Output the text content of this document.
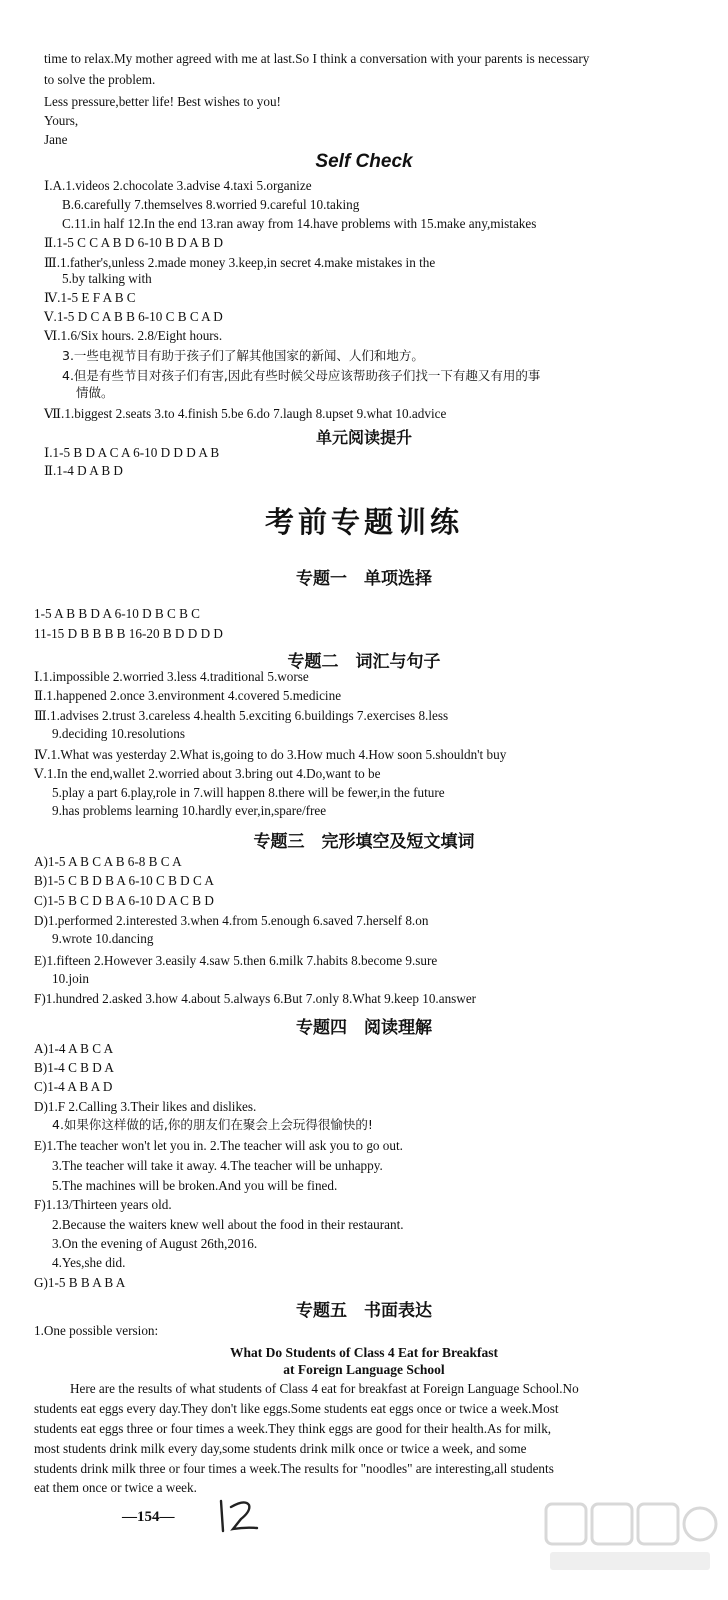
time to relax.My mother agreed with me at last.So I think a conversation with your parents is necessary
to solve the problem.
Less pressure,better life! Best wishes to you!
Yours,
Jane
Self Check
Ⅰ.A.1.videos 2.chocolate 3.advise 4.taxi 5.organize
B.6.carefully 7.themselves 8.worried 9.careful 10.taking
C.11.in half 12.In the end 13.ran away from 14.have problems with 15.make any,mistakes
Ⅱ.1-5 C C A B D 6-10 B D A B D
Ⅲ.1.father's,unless 2.made money 3.keep,in secret 4.make mistakes in the
5.by talking with
Ⅳ.1-5 E F A B C
Ⅴ.1-5 D C A B B 6-10 C B C A D
Ⅵ.1.6/Six hours. 2.8/Eight hours.
3.一些电视节目有助于孩子们了解其他国家的新闻、人们和地方。
4.但是有些节目对孩子们有害,因此有些时候父母应该帮助孩子们找一下有趣又有用的事
情做。
Ⅶ.1.biggest 2.seats 3.to 4.finish 5.be 6.do 7.laugh 8.upset 9.what 10.advice
单元阅读提升
Ⅰ.1-5 B D A C A 6-10 D D D A B
Ⅱ.1-4 D A B D
考前专题训练
专题一　单项选择
1-5 A B B D A 6-10 D B C B C
11-15 D B B B B 16-20 B D D D D
专题二　词汇与句子
Ⅰ.1.impossible 2.worried 3.less 4.traditional 5.worse
Ⅱ.1.happened 2.once 3.environment 4.covered 5.medicine
Ⅲ.1.advises 2.trust 3.careless 4.health 5.exciting 6.buildings 7.exercises 8.less
9.deciding 10.resolutions
Ⅳ.1.What was yesterday 2.What is,going to do 3.How much 4.How soon 5.shouldn't buy
Ⅴ.1.In the end,wallet 2.worried about 3.bring out 4.Do,want to be
5.play a part 6.play,role in 7.will happen 8.there will be fewer,in the future
9.has problems learning 10.hardly ever,in,spare/free
专题三　完形填空及短文填词
A)1-5 A B C A B 6-8 B C A
B)1-5 C B D B A 6-10 C B D C A
C)1-5 B C D B A 6-10 D A C B D
D)1.performed 2.interested 3.when 4.from 5.enough 6.saved 7.herself 8.on
9.wrote 10.dancing
E)1.fifteen 2.However 3.easily 4.saw 5.then 6.milk 7.habits 8.become 9.sure
10.join
F)1.hundred 2.asked 3.how 4.about 5.always 6.But 7.only 8.What 9.keep 10.answer
专题四　阅读理解
A)1-4 A B C A
B)1-4 C B D A
C)1-4 A B A D
D)1.F 2.Calling 3.Their likes and dislikes.
4.如果你这样做的话,你的朋友们在聚会上会玩得很愉快的!
E)1.The teacher won't let you in. 2.The teacher will ask you to go out.
3.The teacher will take it away. 4.The teacher will be unhappy.
5.The machines will be broken.And you will be fined.
F)1.13/Thirteen years old.
2.Because the waiters knew well about the food in their restaurant.
3.On the evening of August 26th,2016.
4.Yes,she did.
G)1-5 B B A B A
专题五　书面表达
1.One possible version:
What Do Students of Class 4 Eat for Breakfast
at Foreign Language School
Here are the results of what students of Class 4 eat for breakfast at Foreign Language School.No
students eat eggs every day.They don't like eggs.Some students eat eggs once or twice a week.Most
students eat eggs three or four times a week.They think eggs are good for their health.As for milk,
most students drink milk every day,some students drink milk once or twice a week, and some
students drink milk three or four times a week.The results for "noodles" are interesting,all students
eat them once or twice a week.
—154—
